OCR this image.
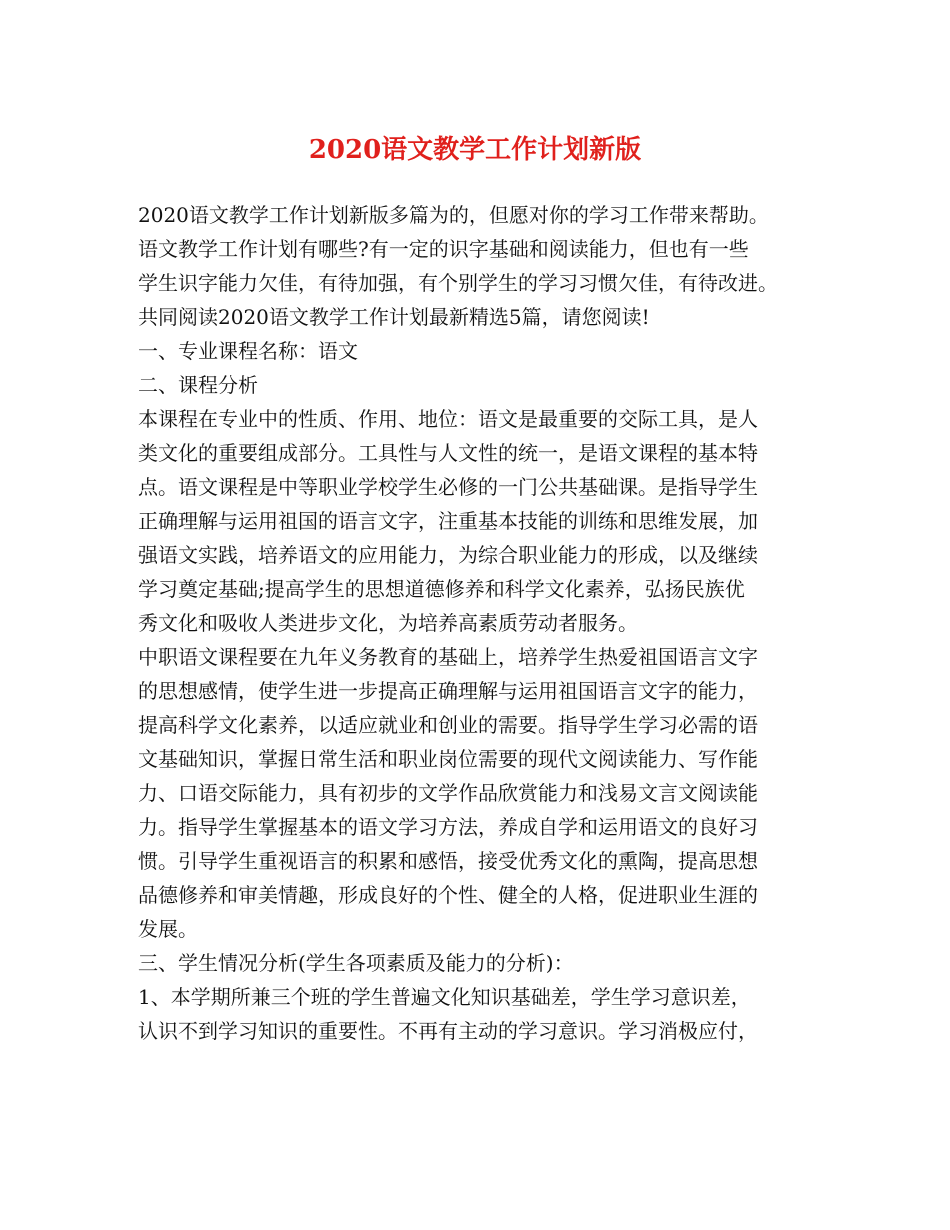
2020语文教学工作计划新版
2020语文教学工作计划新版多篇为的，但愿对你的学习工作带来帮助。
语文教学工作计划有哪些?有一定的识字基础和阅读能力，但也有一些
学生识字能力欠佳，有待加强，有个别学生的学习习惯欠佳，有待改进。
共同阅读2020语文教学工作计划最新精选5篇，请您阅读!
一、专业课程名称：语文
二、课程分析
本课程在专业中的性质、作用、地位：语文是最重要的交际工具，是人
类文化的重要组成部分。工具性与人文性的统一，是语文课程的基本特
点。语文课程是中等职业学校学生必修的一门公共基础课。是指导学生
正确理解与运用祖国的语言文字，注重基本技能的训练和思维发展，加
强语文实践，培养语文的应用能力，为综合职业能力的形成，以及继续
学习奠定基础;提高学生的思想道德修养和科学文化素养，弘扬民族优
秀文化和吸收人类进步文化，为培养高素质劳动者服务。
中职语文课程要在九年义务教育的基础上，培养学生热爱祖国语言文字
的思想感情，使学生进一步提高正确理解与运用祖国语言文字的能力，
提高科学文化素养，以适应就业和创业的需要。指导学生学习必需的语
文基础知识，掌握日常生活和职业岗位需要的现代文阅读能力、写作能
力、口语交际能力，具有初步的文学作品欣赏能力和浅易文言文阅读能
力。指导学生掌握基本的语文学习方法，养成自学和运用语文的良好习
惯。引导学生重视语言的积累和感悟，接受优秀文化的熏陶，提高思想
品德修养和审美情趣，形成良好的个性、健全的人格，促进职业生涯的
发展。
三、学生情况分析(学生各项素质及能力的分析)：
1、本学期所兼三个班的学生普遍文化知识基础差，学生学习意识差，
认识不到学习知识的重要性。不再有主动的学习意识。学习消极应付，
